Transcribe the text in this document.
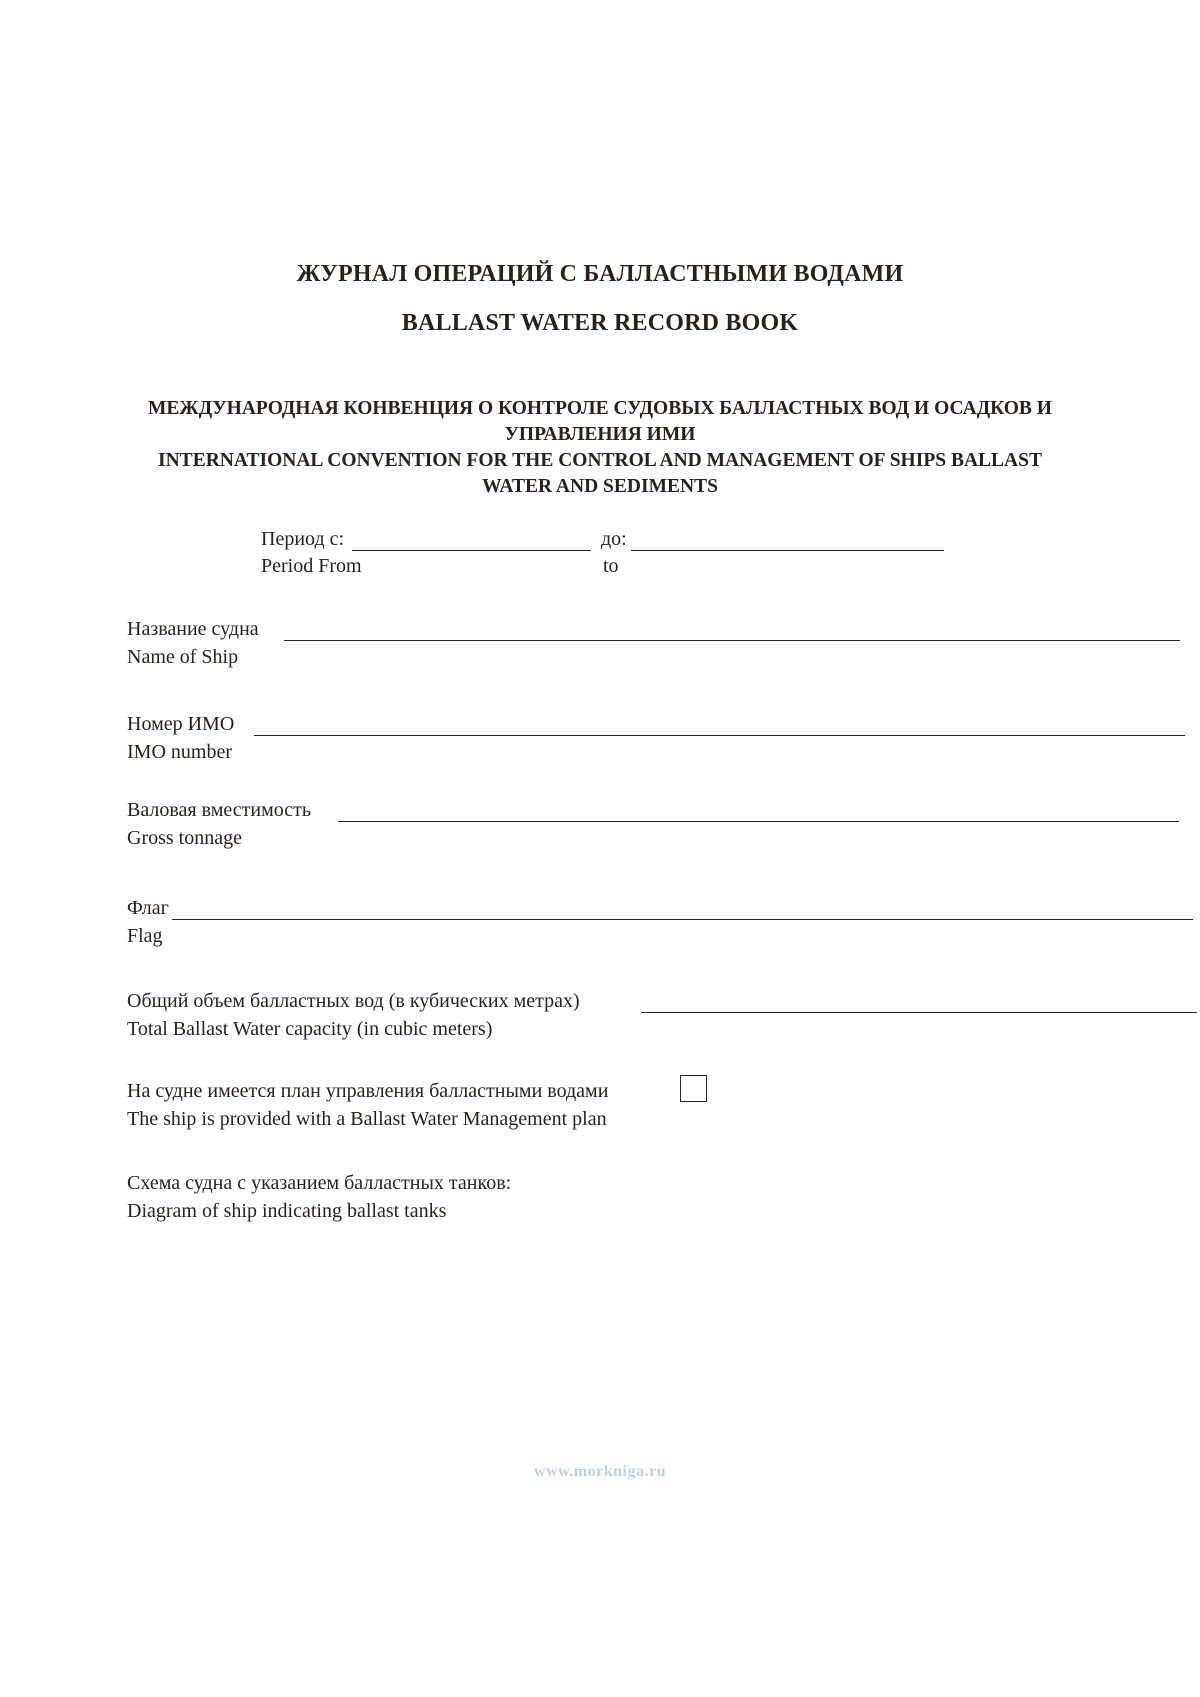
ЖУРНАЛ ОПЕРАЦИЙ С БАЛЛАСТНЫМИ ВОДАМИ
BALLAST WATER RECORD BOOK
МЕЖДУНАРОДНАЯ КОНВЕНЦИЯ О КОНТРОЛЕ СУДОВЫХ БАЛЛАСТНЫХ ВОД И ОСАДКОВ И
УПРАВЛЕНИЯ ИМИ
INTERNATIONAL CONVENTION FOR THE CONTROL AND MANAGEMENT OF SHIPS BALLAST
WATER AND SEDIMENTS
Период с:	до:
Period From	to
Название судна
Name of Ship
Номер ИМО
IMO number
Валовая вместимость
Gross tonnage
Флаг
Flag
Общий объем балластных вод (в кубических метрах)
Total Ballast Water capacity (in cubic meters)
На судне имеется план управления балластными водами
The ship is provided with a Ballast Water Management plan
Схема судна с указанием балластных танков:
Diagram of ship indicating ballast tanks
www.morkniga.ru
